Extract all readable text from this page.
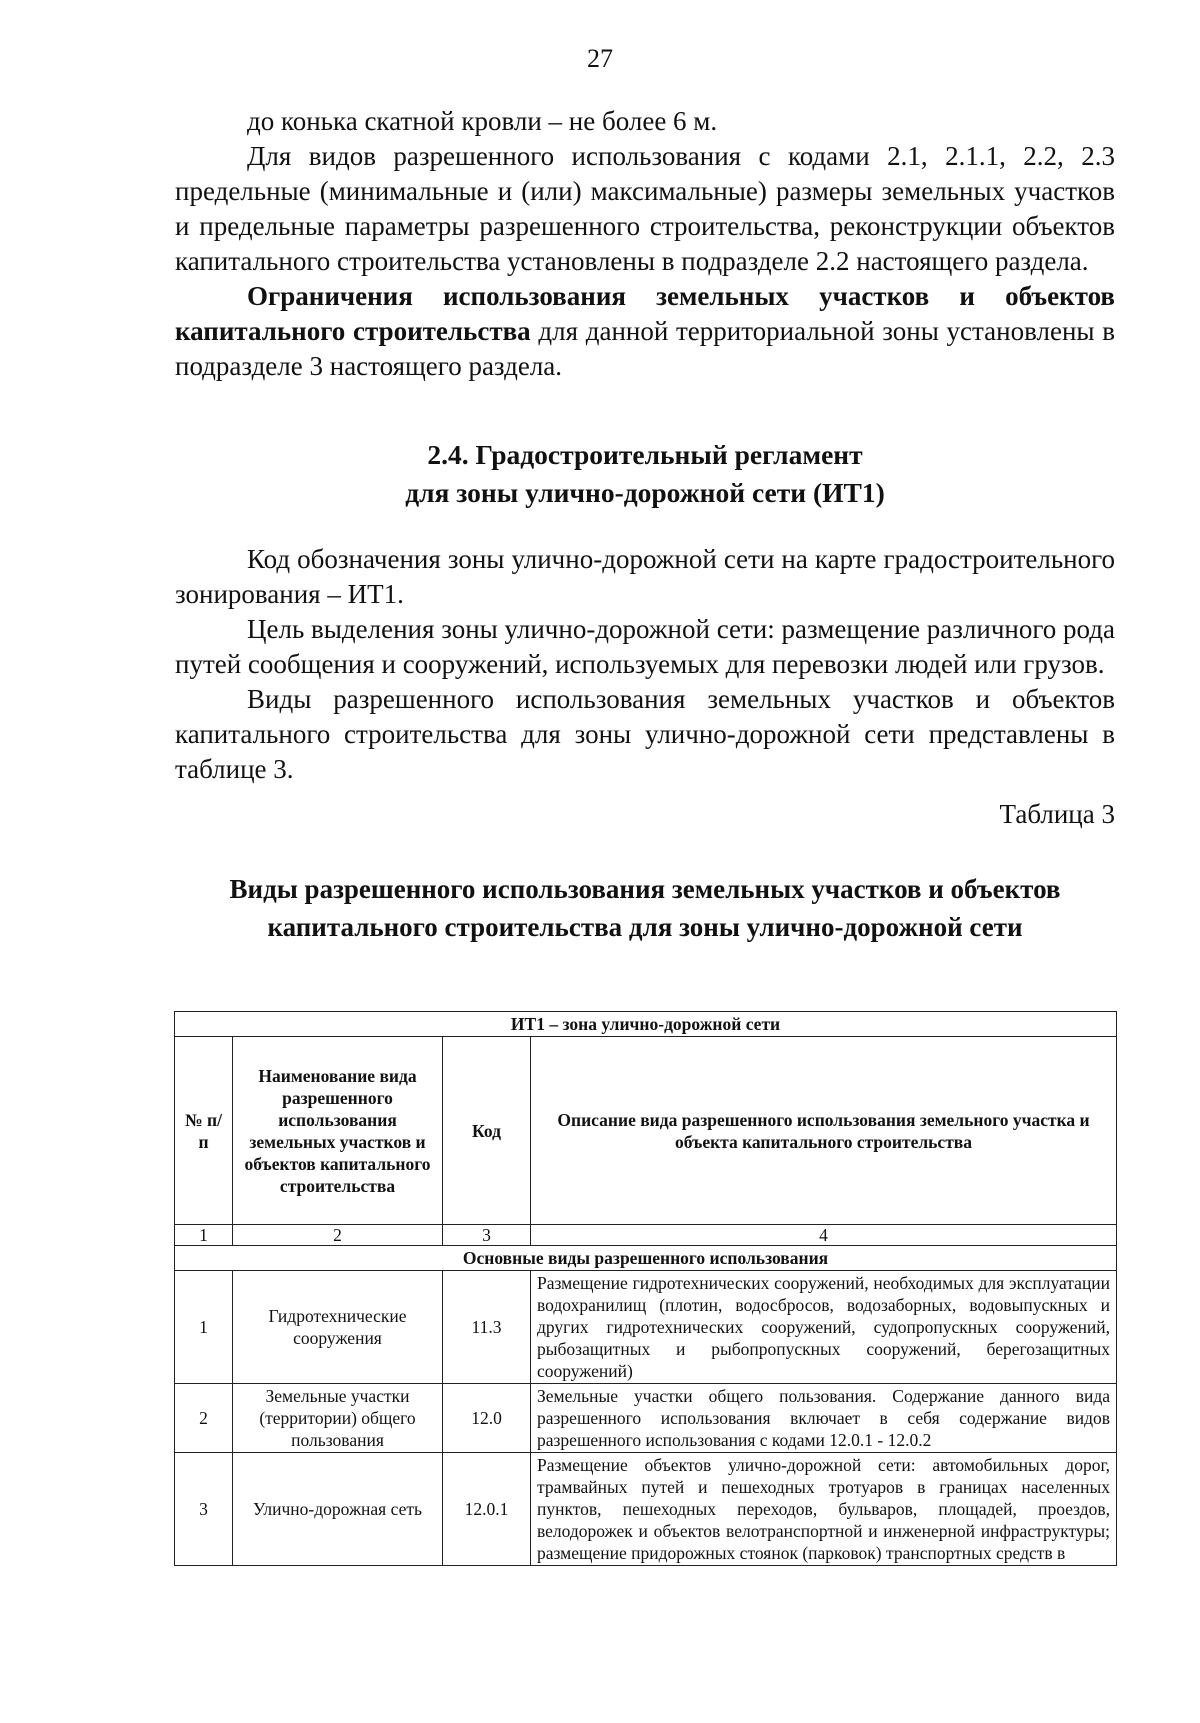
27

до конька скатной кровли – не более 6 м.

Для видов разрешенного использования с кодами 2.1, 2.1.1, 2.2, 2.3 предельные (минимальные и (или) максимальные) размеры земельных участков и предельные параметры разрешенного строительства, реконструкции объектов капитального строительства установлены в подразделе 2.2 настоящего раздела.

Ограничения использования земельных участков и объектов капитального строительства для данной территориальной зоны установлены в подразделе 3 настоящего раздела.

2.4. Градостроительный регламент
для зоны улично-дорожной сети (ИТ1)

Код обозначения зоны улично-дорожной сети на карте градостроительного зонирования – ИТ1.

Цель выделения зоны улично-дорожной сети: размещение различного рода путей сообщения и сооружений, используемых для перевозки людей или грузов.

Виды разрешенного использования земельных участков и объектов капитального строительства для зоны улично-дорожной сети представлены в таблице 3.

Таблица 3
Виды разрешенного использования земельных участков и объектов
капитального строительства для зоны улично-дорожной сети
ИТ1 – зона улично-дорожной сети			
№ п/п	Наименование вида разрешенного использования земельных участков и объектов капитального строительства	Код	Описание вида разрешенного использования земельного участка и объекта капитального строительства
1	2	3	4
Основные виды разрешенного использования			
1	Гидротехнические сооружения	11.3	Размещение гидротехнических сооружений, необходимых для эксплуатации водохранилищ (плотин, водосбросов, водозаборных, водовыпускных и других гидротехнических сооружений, судопропускных сооружений, рыбозащитных и рыбопропускных сооружений, берегозащитных сооружений)
2	Земельные участки (территории) общего пользования	12.0	Земельные участки общего пользования. Содержание данного вида разрешенного использования включает в себя содержание видов разрешенного использования с кодами 12.0.1 - 12.0.2
3	Улично-дорожная сеть	12.0.1	Размещение объектов улично-дорожной сети: автомобильных дорог, трамвайных путей и пешеходных тротуаров в границах населенных пунктов, пешеходных переходов, бульваров, площадей, проездов, велодорожек и объектов велотранспортной и инженерной инфраструктуры; размещение придорожных стоянок (парковок) транспортных средств в
